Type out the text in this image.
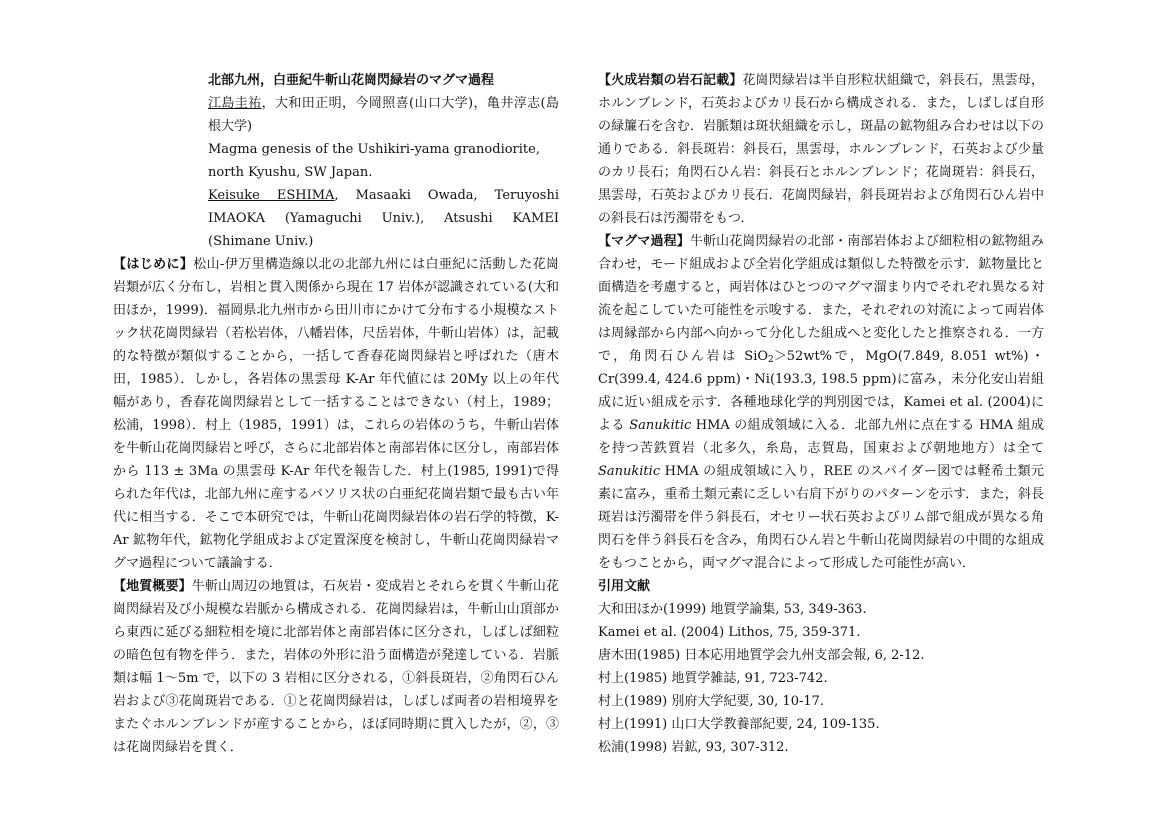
北部九州，白亜紀牛斬山花崗閃緑岩のマグマ過程

江島圭祐，大和田正明，今岡照喜(山口大学)，亀井淳志(島根大学)

Magma genesis of the Ushikiri-yama granodiorite, north Kyushu, SW Japan.

Keisuke ESHIMA, Masaaki Owada, Teruyoshi

IMAOKA (Yamaguchi Univ.), Atsushi KAMEI

(Shimane Univ.)

【はじめに】松山-伊万里構造線以北の北部九州には白亜紀に活動した花崗岩類が広く分布し，岩相と貫入関係から現在 17 岩体が認識されている(大和田ほか，1999)．福岡県北九州市から田川市にかけて分布する小規模なストック状花崗閃緑岩（若松岩体，八幡岩体，尺岳岩体，牛斬山岩体）は，記載的な特徴が類似することから，一括して香春花崗閃緑岩と呼ばれた（唐木田，1985）．しかし，各岩体の黒雲母 K-Ar 年代値には 20My 以上の年代幅があり，香春花崗閃緑岩として一括することはできない（村上，1989；松浦，1998）．村上（1985，1991）は，これらの岩体のうち，牛斬山岩体を牛斬山花崗閃緑岩と呼び，さらに北部岩体と南部岩体に区分し，南部岩体から 113 ± 3Ma の黒雲母 K-Ar 年代を報告した．村上(1985, 1991)で得られた年代は，北部九州に産するバソリス状の白亜紀花崗岩類で最も古い年代に相当する．そこで本研究では，牛斬山花崗閃緑岩体の岩石学的特徴，K-Ar 鉱物年代，鉱物化学組成および定置深度を検討し，牛斬山花崗閃緑岩マグマ過程について議論する．

【地質概要】牛斬山周辺の地質は，石灰岩・変成岩とそれらを貫く牛斬山花崗閃緑岩及び小規模な岩脈から構成される．花崗閃緑岩は，牛斬山山頂部から東西に延びる細粒相を境に北部岩体と南部岩体に区分され，しばしば細粒の暗色包有物を伴う．また，岩体の外形に沿う面構造が発達している．岩脈類は幅 1〜5m で，以下の 3 岩相に区分される，①斜長斑岩，②角閃石ひん岩および③花崗斑岩である．①と花崗閃緑岩は，しばしば両者の岩相境界をまたぐホルンブレンドが産することから，ほぼ同時期に貫入したが，②，③は花崗閃緑岩を貫く．

【火成岩類の岩石記載】花崗閃緑岩は半自形粒状組織で，斜長石，黒雲母，ホルンブレンド，石英およびカリ長石から構成される．また，しばしば自形の緑簾石を含む．岩脈類は斑状組織を示し，斑晶の鉱物組み合わせは以下の通りである．斜長斑岩：斜長石，黒雲母，ホルンブレンド，石英および少量のカリ長石；角閃石ひん岩：斜長石とホルンブレンド；花崗斑岩：斜長石，黒雲母，石英およびカリ長石．花崗閃緑岩，斜長斑岩および角閃石ひん岩中の斜長石は汚濁帯をもつ．

【マグマ過程】牛斬山花崗閃緑岩の北部・南部岩体および細粒相の鉱物組み合わせ，モード組成および全岩化学組成は類似した特徴を示す．鉱物量比と面構造を考慮すると，両岩体はひとつのマグマ溜まり内でそれぞれ異なる対流を起こしていた可能性を示唆する．また，それぞれの対流によって両岩体は周縁部から内部へ向かって分化した組成へと変化したと推察される．一方で，角閃石ひん岩は SiO$_2$＞52wt%で，MgO(7.849, 8.051 wt%)・Cr(399.4, 424.6 ppm)・Ni(193.3, 198.5 ppm)に富み，未分化安山岩組成に近い組成を示す．各種地球化学的判別図では，Kamei et al. (2004)による Sanukitic HMA の組成領域に入る．北部九州に点在する HMA 組成を持つ苦鉄質岩（北多久，糸島，志賀島，国東および朝地地方）は全て Sanukitic HMA の組成領域に入り，REE のスパイダー図では軽希土類元素に富み，重希土類元素に乏しい右肩下がりのパターンを示す．また，斜長斑岩は汚濁帯を伴う斜長石，オセリー状石英およびリム部で組成が異なる角閃石を伴う斜長石を含み，角閃石ひん岩と牛斬山花崗閃緑岩の中間的な組成をもつことから，両マグマ混合によって形成した可能性が高い．

引用文献

大和田ほか(1999) 地質学論集, 53, 349-363.

Kamei et al. (2004) Lithos, 75, 359-371.

唐木田(1985) 日本応用地質学会九州支部会報, 6, 2-12.

村上(1985) 地質学雑誌, 91, 723-742.

村上(1989) 別府大学紀要, 30, 10-17.

村上(1991) 山口大学教養部紀要, 24, 109-135.

松浦(1998) 岩鉱, 93, 307-312.
